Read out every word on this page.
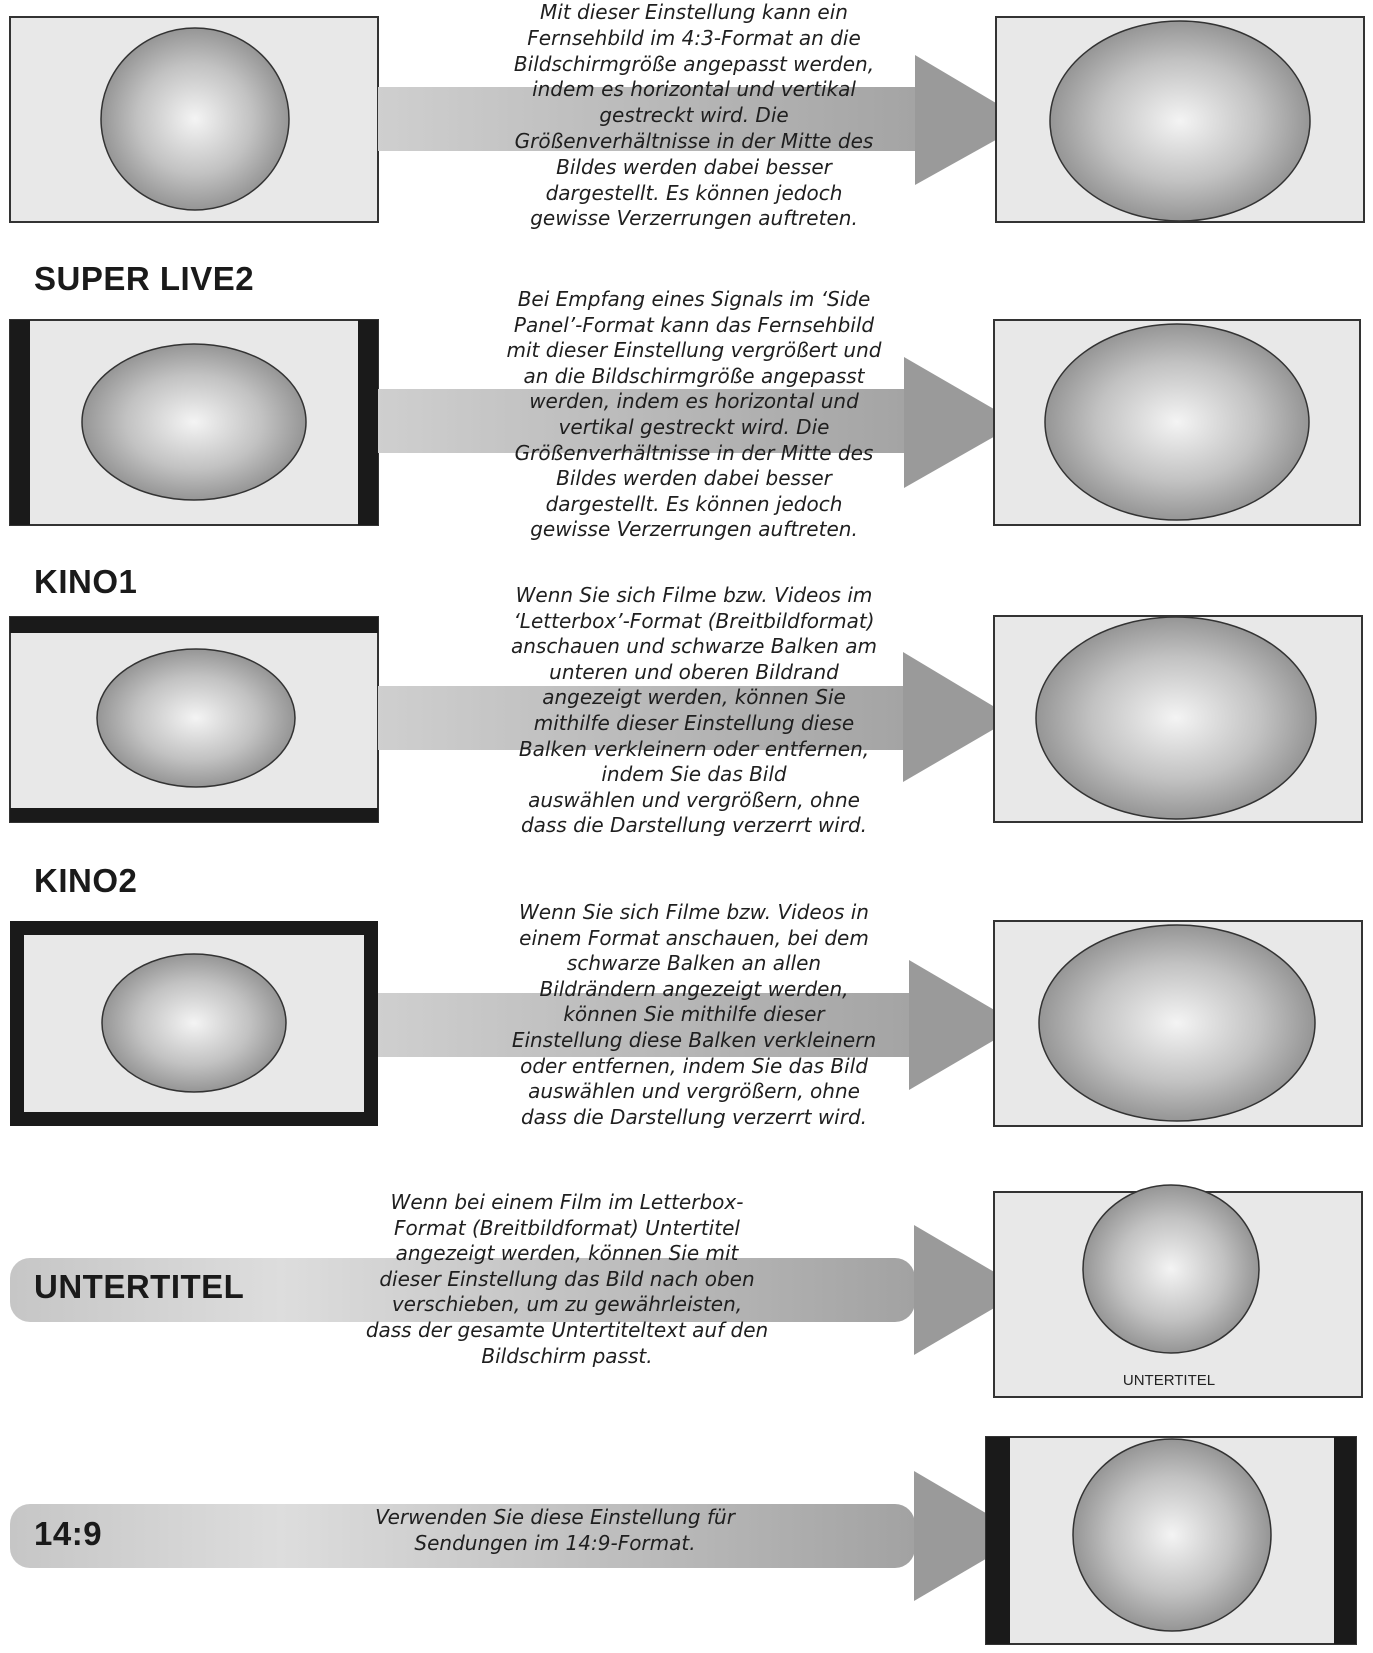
Mit dieser Einstellung kann ein
Fernsehbild im 4:3-Format an die
Bildschirmgröße angepasst werden,
indem es horizontal und vertikal
gestreckt wird. Die
Größenverhältnisse in der Mitte des
Bildes werden dabei besser
dargestellt. Es können jedoch
gewisse Verzerrungen auftreten.
SUPER LIVE2
Bei Empfang eines Signals im ‘Side
Panel’-Format kann das Fernsehbild
mit dieser Einstellung vergrößert und
an die Bildschirmgröße angepasst
werden, indem es horizontal und
vertikal gestreckt wird. Die
Größenverhältnisse in der Mitte des
Bildes werden dabei besser
dargestellt. Es können jedoch
gewisse Verzerrungen auftreten.
KINO1	Wenn Sie sich Filme bzw. Videos im
‘Letterbox’-Format (Breitbildformat)
anschauen und schwarze Balken am
unteren und oberen Bildrand
angezeigt werden, können Sie
mithilfe dieser Einstellung diese
Balken verkleinern oder entfernen,
indem Sie das Bild
auswählen und vergrößern, ohne
dass die Darstellung verzerrt wird.
KINO2
Wenn Sie sich Filme bzw. Videos in
einem Format anschauen, bei dem
schwarze Balken an allen
Bildrändern angezeigt werden,
können Sie mithilfe dieser
Einstellung diese Balken verkleinern
oder entfernen, indem Sie das Bild
auswählen und vergrößern, ohne
dass die Darstellung verzerrt wird.
UNTERTITEL
Wenn bei einem Film im Letterbox-
Format (Breitbildformat) Untertitel
angezeigt werden, können Sie mit
dieser Einstellung das Bild nach oben
verschieben, um zu gewährleisten,
dass der gesamte Untertiteltext auf den
Bildschirm passt.
UNTERTITEL
14:9	Verwenden Sie diese Einstellung für
Sendungen im 14:9-Format.
